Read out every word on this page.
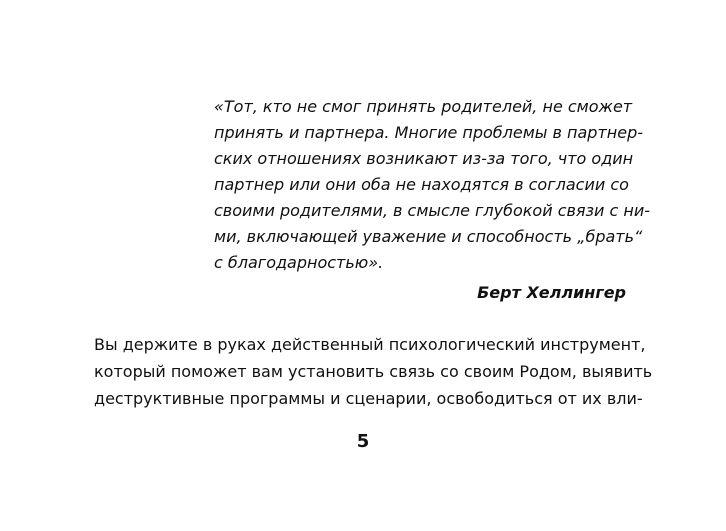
«Тот, кто не смог принять родителей, не сможет
принять и партнера. Многие проблемы в партнер-
ских отношениях возникают из-за того, что один
партнер или они оба не находятся в согласии со
своими родителями, в смысле глубокой связи с ни-
ми, включающей уважение и способность „брать“
с благодарностью».
Берт Хеллингер
Вы держите в руках действенный психологический инструмент,
который поможет вам установить связь со своим Родом, выявить
деструктивные программы и сценарии, освободиться от их вли-
5
